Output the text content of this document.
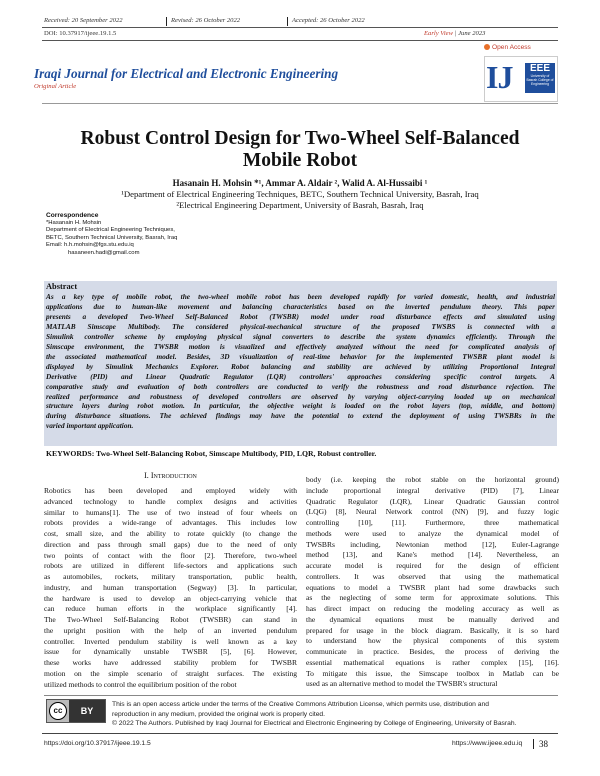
Received: 20 September 2022	Revised: 26 October 2022	Accepted: 26 October 2022
DOI: 10.37917/ijeee.19.1.5	Early View | June 2023
Open Access
Iraqi Journal for Electrical and Electronic Engineering
Original Article	IJ	EEE
University of Basrah College of Engineering
Robust Control Design for Two-Wheel Self-Balanced
Mobile Robot
Hasanain H. Mohsin *¹, Ammar A. Aldair ², Walid A. Al-Hussaibi ¹
¹Department of Electrical Engineering Techniques, BETC, Southern Technical University, Basrah, Iraq
²Electrical Engineering Department, University of Basrah, Basrah, Iraq
Correspondence
*Hasanain H. Mohsin
Department of Electrical Engineering Techniques,
BETC, Southern Technical University, Basrah, Iraq
Email: h.h.mohsin@fgs.stu.edu.iq
hasaneen.hadi@gmail.com
Abstract
As a key type of mobile robot, the two-wheel mobile robot has been developed rapidly for varied domestic, health, and industrial
applications due to human-like movement and balancing characteristics based on the inverted pendulum theory. This paper
presents a developed Two-Wheel Self-Balanced Robot (TWSBR) model under road disturbance effects and simulated using
MATLAB Simscape Multibody. The considered physical-mechanical structure of the proposed TWSBS is connected with a
Simulink controller scheme by employing physical signal converters to describe the system dynamics efficiently. Through the
Simscape environment, the TWSBR motion is visualized and effectively analyzed without the need for complicated analysis of
the associated mathematical model. Besides, 3D visualization of real-time behavior for the implemented TWSBR plant model is
displayed by Simulink Mechanics Explorer. Robot balancing and stability are achieved by utilizing Proportional Integral
Derivative (PID) and Linear Quadratic Regulator (LQR) controllers' approaches considering specific control targets. A
comparative study and evaluation of both controllers are conducted to verify the robustness and road disturbance rejection. The
realized performance and robustness of developed controllers are observed by varying object-carrying loaded up on mechanical
structure layers during robot motion. In particular, the objective weight is loaded on the robot layers (top, middle, and bottom)
during disturbance situations. The achieved findings may have the potential to extend the deployment of using TWSBRs in the
varied important application.
KEYWORDS: Two-Wheel Self-Balancing Robot, Simscape Multibody, PID, LQR, Robust controller.
I. Introduction
Robotics has been developed and employed widely with
advanced technology to handle complex designs and activities
similar to humans[1]. The use of two instead of four wheels on
robots provides a wide-range of advantages. This includes low
cost, small size, and the ability to rotate quickly (to change the
direction and pass through small gaps) due to the need of only
two points of contact with the floor [2]. Therefore, two-wheel
robots are utilized in different life-sectors and applications such
as automobiles, rockets, military transportation, public health,
industry, and human transportation (Segway) [3]. In particular,
the hardware is used to develop an object-carrying vehicle that
can reduce human efforts in the workplace significantly [4].
The Two-Wheel Self-Balancing Robot (TWSBR) can stand in
the upright position with the help of an inverted pendulum
controller. Inverted pendulum stability is well known as a key
issue for dynamically unstable TWSBR [5], [6]. However,
these works have addressed stability problem for TWSBR
motion on the simple scenario of straight surfaces. The existing
utilized methods to control the equilibrium position of the robot
body (i.e. keeping the robot stable on the horizontal ground)
include proportional integral derivative (PID) [7], Linear
Quadratic Regulator (LQR), Linear Quadratic Gaussian control
(LQG) [8], Neural Network control (NN) [9], and fuzzy logic
controlling [10], [11]. Furthermore, three mathematical
methods were used to analyze the dynamical model of
TWSBRs including, Newtonian method [12], Euler-Lagrange
method [13], and Kane's method [14]. Nevertheless, an
accurate model is required for the design of efficient
controllers. It was observed that using the mathematical
equations to model a TWSBR plant had some drawbacks such
as the neglecting of some term for approximate solutions. This
has direct impact on reducing the modeling accuracy as well as
the dynamical equations must be manually derived and
prepared for usage in the block diagram. Basically, it is so hard
to understand how the physical components of this system
communicate in practice. Besides, the process of deriving the
essential mathematical equations is rather complex [15], [16].
To mitigate this issue, the Simscape toolbox in Matlab can be
used as an alternative method to model the TWSBR's structural
cc	BY
This is an open access article under the terms of the Creative Commons Attribution License, which permits use, distribution and
reproduction in any medium, provided the original work is properly cited.
© 2022 The Authors. Published by Iraqi Journal for Electrical and Electronic Engineering by College of Engineering, University of Basrah.
https://doi.org/10.37917/ijeee.19.1.5	https://www.ijeee.edu.iq 38
